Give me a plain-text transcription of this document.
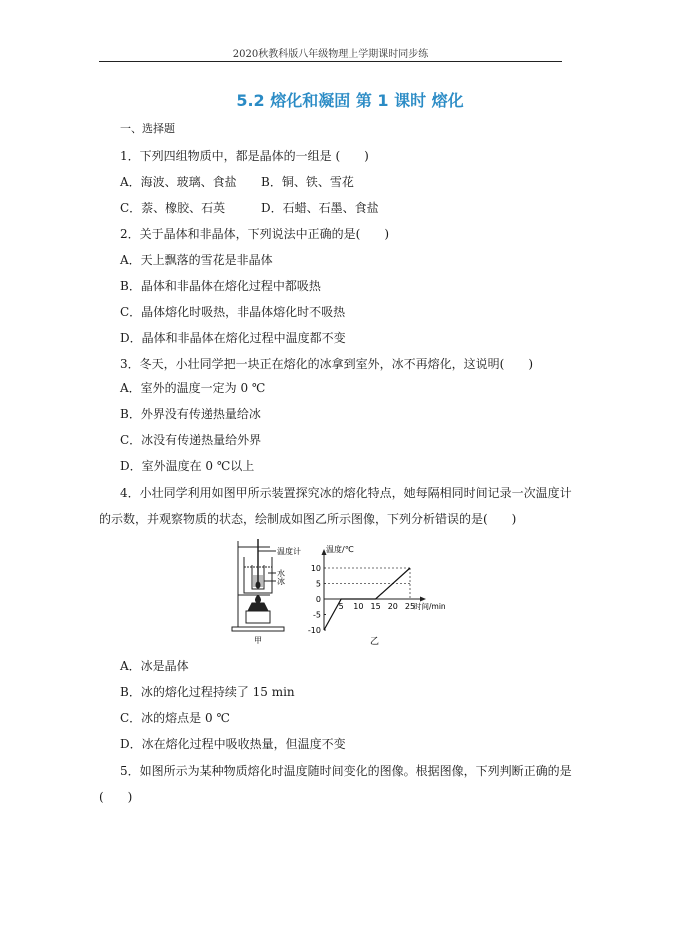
2020秋教科版八年级物理上学期课时同步练
5.2 熔化和凝固 第 1 课时 熔化
一、选择题
1．下列四组物质中，都是晶体的一组是 (　　)
A．海波、玻璃、食盐 B．铜、铁、雪花
C．萘、橡胶、石英	D．石蜡、石墨、食盐
2．关于晶体和非晶体，下列说法中正确的是(　　)
A．天上飘落的雪花是非晶体
B．晶体和非晶体在熔化过程中都吸热
C．晶体熔化时吸热，非晶体熔化时不吸热
D．晶体和非晶体在熔化过程中温度都不变
3．冬天，小壮同学把一块正在熔化的冰拿到室外，冰不再熔化，这说明(　　)
A．室外的温度一定为 0 ℃
B．外界没有传递热量给冰
C．冰没有传递热量给外界
D．室外温度在 0 ℃以上
4．小壮同学利用如图甲所示装置探究冰的熔化特点，她每隔相同时间记录一次温度计
的示数，并观察物质的状态，绘制成如图乙所示图像，下列分析错误的是(　　)
温度计
水
冰
甲
温度/℃
时间/min
-10
-5
0
5
10
5 10 15 20 25
乙
A．冰是晶体
B．冰的熔化过程持续了 15 min
C．冰的熔点是 0 ℃
D．冰在熔化过程中吸收热量，但温度不变
5．如图所示为某种物质熔化时温度随时间变化的图像。根据图像，下列判断正确的是
(　　)
